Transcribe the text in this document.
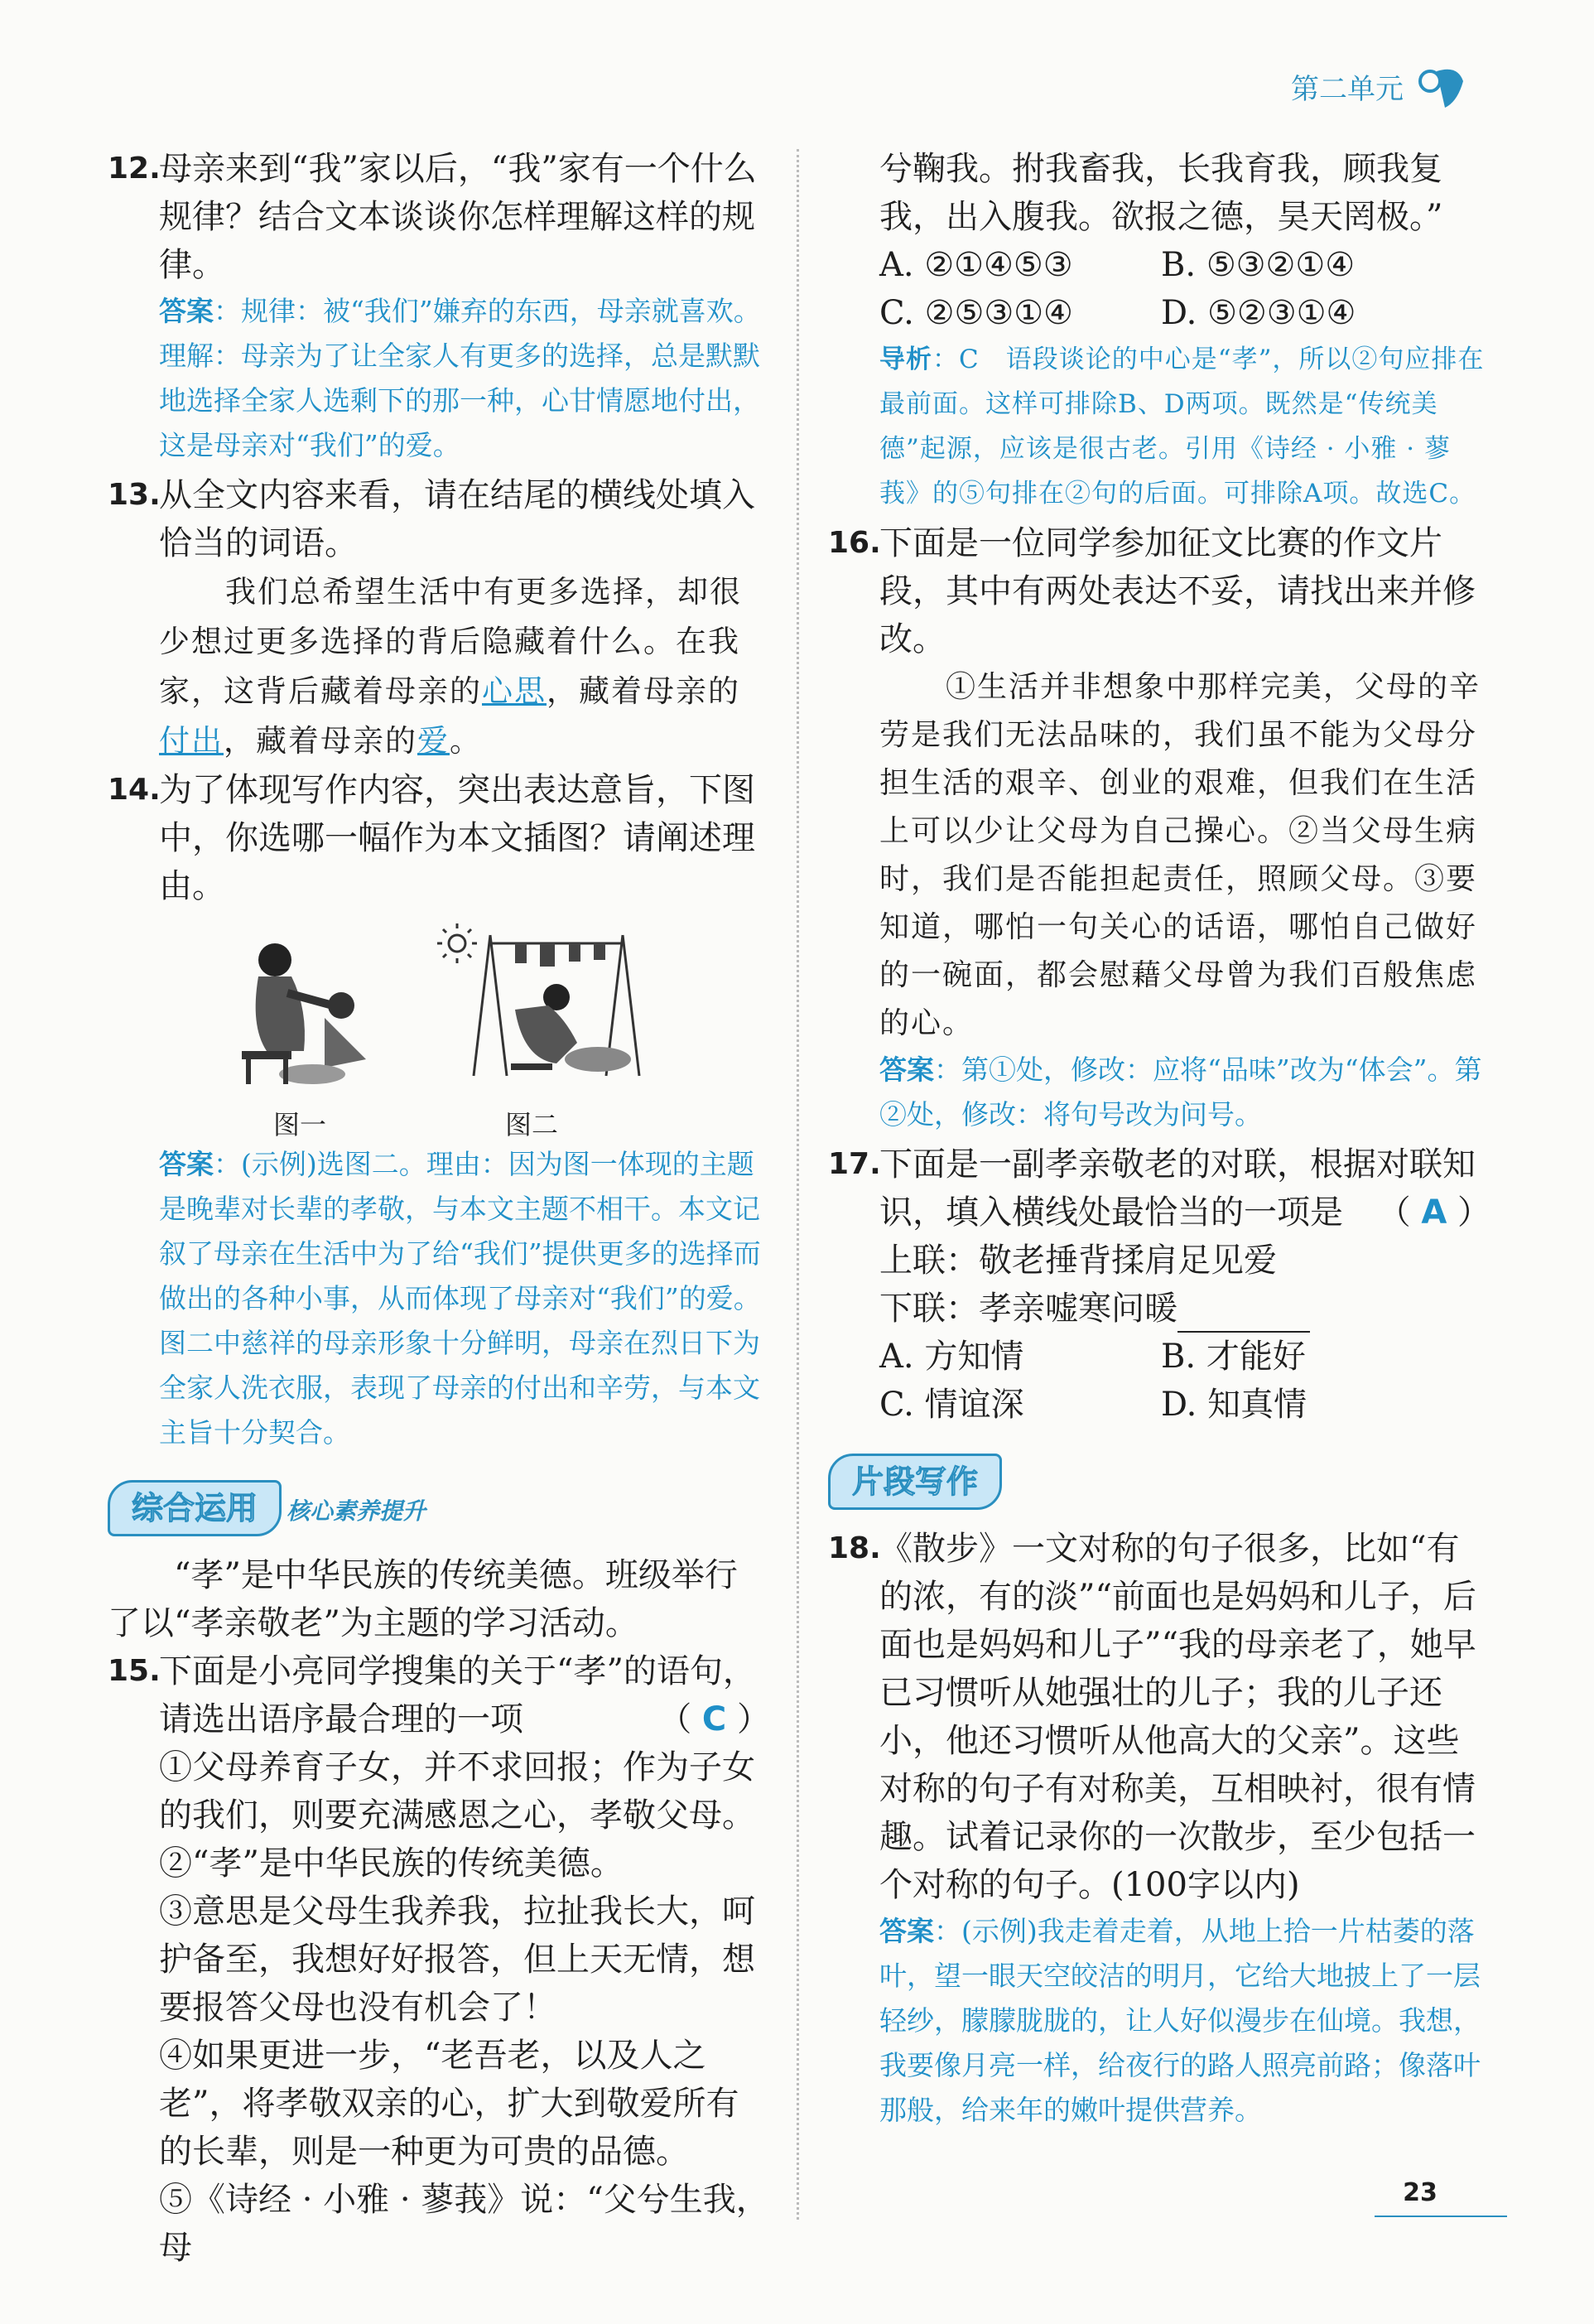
第二单元
12.
母亲来到“我”家以后，“我”家有一个什么规律？结合文本谈谈你怎样理解这样的规律。
答案：规律：被“我们”嫌弃的东西，母亲就喜欢。理解：母亲为了让全家人有更多的选择，总是默默地选择全家人选剩下的那一种，心甘情愿地付出，这是母亲对“我们”的爱。
13.
从全文内容来看，请在结尾的横线处填入恰当的词语。
我们总希望生活中有更多选择，却很少想过更多选择的背后隐藏着什么。在我家，这背后藏着母亲的心思，藏着母亲的付出，藏着母亲的爱。
14.
为了体现写作内容，突出表达意旨，下图中，你选哪一幅作为本文插图？请阐述理由。
图一	图二
答案：(示例)选图二。理由：因为图一体现的主题是晚辈对长辈的孝敬，与本文主题不相干。本文记叙了母亲在生活中为了给“我们”提供更多的选择而做出的各种小事，从而体现了母亲对“我们”的爱。图二中慈祥的母亲形象十分鲜明，母亲在烈日下为全家人洗衣服，表现了母亲的付出和辛劳，与本文主旨十分契合。
综合运用 核心素养提升
“孝”是中华民族的传统美德。班级举行了以“孝亲敬老”为主题的学习活动。
15.
下面是小亮同学搜集的关于“孝”的语句，请选出语序最合理的一项	（ C ）
①父母养育子女，并不求回报；作为子女的我们，则要充满感恩之心，孝敬父母。
②“孝”是中华民族的传统美德。
③意思是父母生我养我，拉扯我长大，呵护备至，我想好好报答，但上天无情，想要报答父母也没有机会了！
④如果更进一步，“老吾老，以及人之老”，将孝敬双亲的心，扩大到敬爱所有的长辈，则是一种更为可贵的品德。
⑤《诗经 · 小雅 · 蓼莪》说：“父兮生我，母
兮鞠我。拊我畜我，长我育我，顾我复我，出入腹我。欲报之德，昊天罔极。”
A. ②①④⑤③	B. ⑤③②①④
C. ②⑤③①④	D. ⑤②③①④
导析：C　语段谈论的中心是“孝”，所以②句应排在最前面。这样可排除B、D两项。既然是“传统美德”起源，应该是很古老。引用《诗经 · 小雅 · 蓼莪》的⑤句排在②句的后面。可排除A项。故选C。
16.
下面是一位同学参加征文比赛的作文片段，其中有两处表达不妥，请找出来并修改。
①生活并非想象中那样完美，父母的辛劳是我们无法品味的，我们虽不能为父母分担生活的艰辛、创业的艰难，但我们在生活上可以少让父母为自己操心。②当父母生病时，我们是否能担起责任，照顾父母。③要知道，哪怕一句关心的话语，哪怕自己做好的一碗面，都会慰藉父母曾为我们百般焦虑的心。
答案：第①处，修改：应将“品味”改为“体会”。第②处，修改：将句号改为问号。
17.
下面是一副孝亲敬老的对联，根据对联知识，填入横线处最恰当的一项是 （ A ）
上联：敬老捶背揉肩足见爱
下联：孝亲嘘寒问暖
A. 方知情	B. 才能好
C. 情谊深	D. 知真情
片段写作
18.
《散步》一文对称的句子很多，比如“有的浓，有的淡”“前面也是妈妈和儿子，后面也是妈妈和儿子”“我的母亲老了，她早已习惯听从她强壮的儿子；我的儿子还小，他还习惯听从他高大的父亲”。这些对称的句子有对称美，互相映衬，很有情趣。试着记录你的一次散步，至少包括一个对称的句子。(100字以内)
答案：(示例)我走着走着，从地上拾一片枯萎的落叶，望一眼天空皎洁的明月，它给大地披上了一层轻纱，朦朦胧胧的，让人好似漫步在仙境。我想，我要像月亮一样，给夜行的路人照亮前路；像落叶那般，给来年的嫩叶提供营养。
23
